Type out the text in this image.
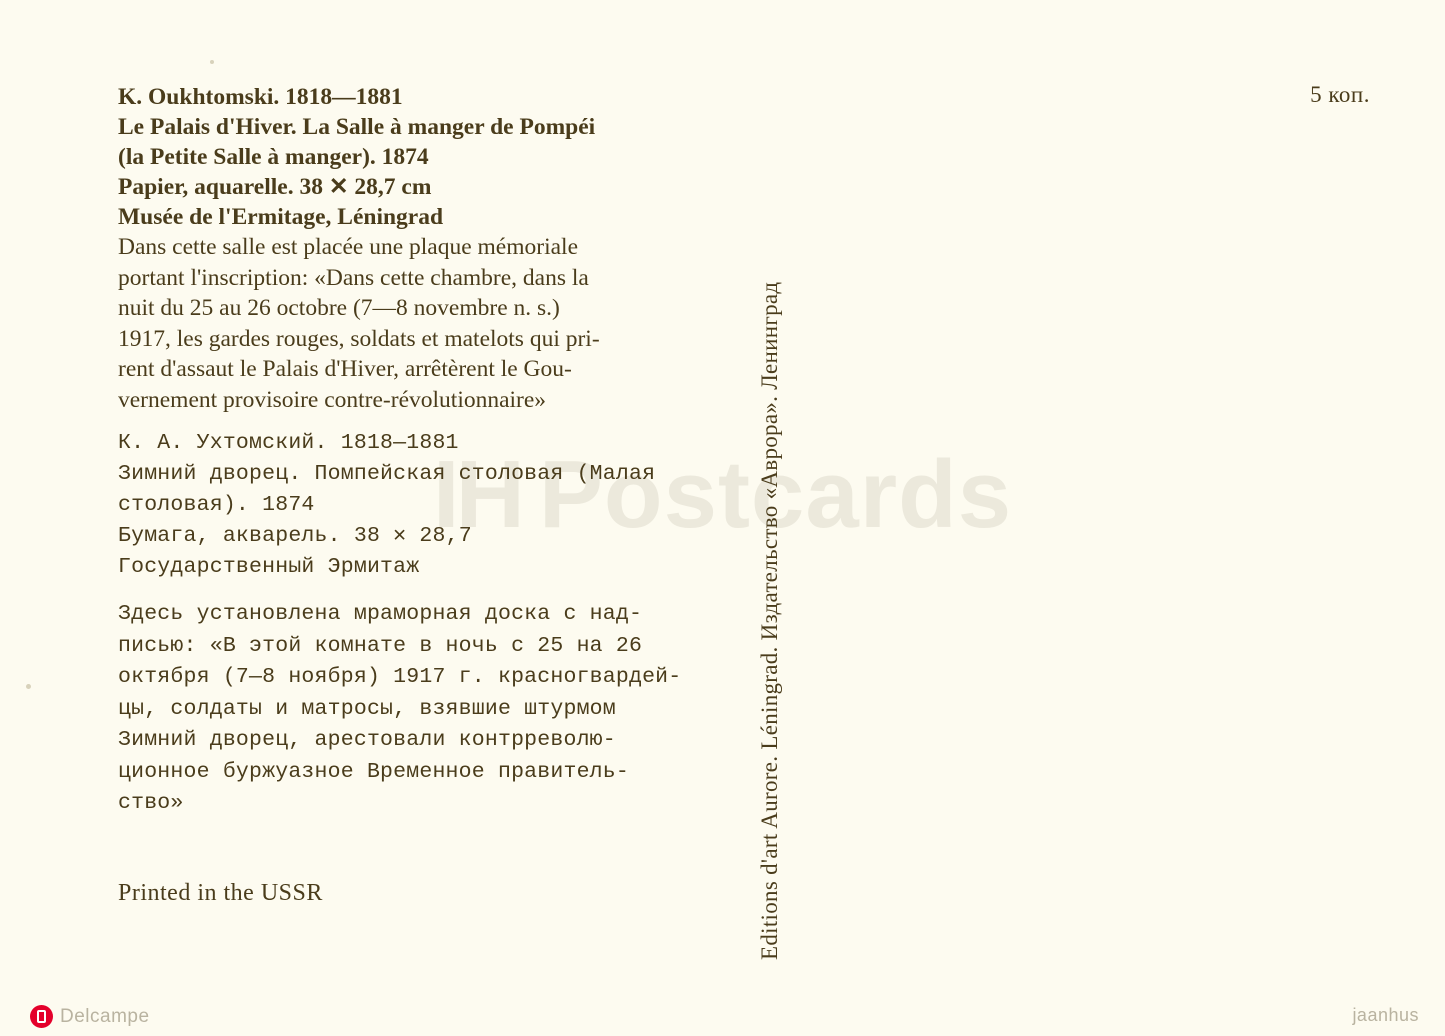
IH Postcards
5 коп.
K. Oukhtomski. 1818—1881
Le Palais d'Hiver. La Salle à manger de Pompéi
(la Petite Salle à manger). 1874
Papier, aquarelle. 38 ✕ 28,7 cm
Musée de l'Ermitage, Léningrad
Dans cette salle est placée une plaque mémoriale
portant l'inscription: «Dans cette chambre, dans la
nuit du 25 au 26 octobre (7—8 novembre n. s.)
1917, les gardes rouges, soldats et matelots qui pri-
rent d'assaut le Palais d'Hiver, arrêtèrent le Gou-
vernement provisoire contre-révolutionnaire»
К. А. Ухтомский. 1818—1881
Зимний дворец. Помпейская столовая (Малая
столовая). 1874
Бумага, акварель. 38 ✕ 28,7
Государственный Эрмитаж
Здесь установлена мраморная доска с над-
писью: «В этой комнате в ночь с 25 на 26
октября (7—8 ноября) 1917 г. красногвардей-
цы, солдаты и матросы, взявшие штурмом
Зимний дворец, арестовали контрреволю-
ционное буржуазное Временное правитель-
ство»
Printed in the USSR	Editions d'art Aurore. Léningrad. Издательство «Аврора». Ленинград
Delcampe	jaanhus
